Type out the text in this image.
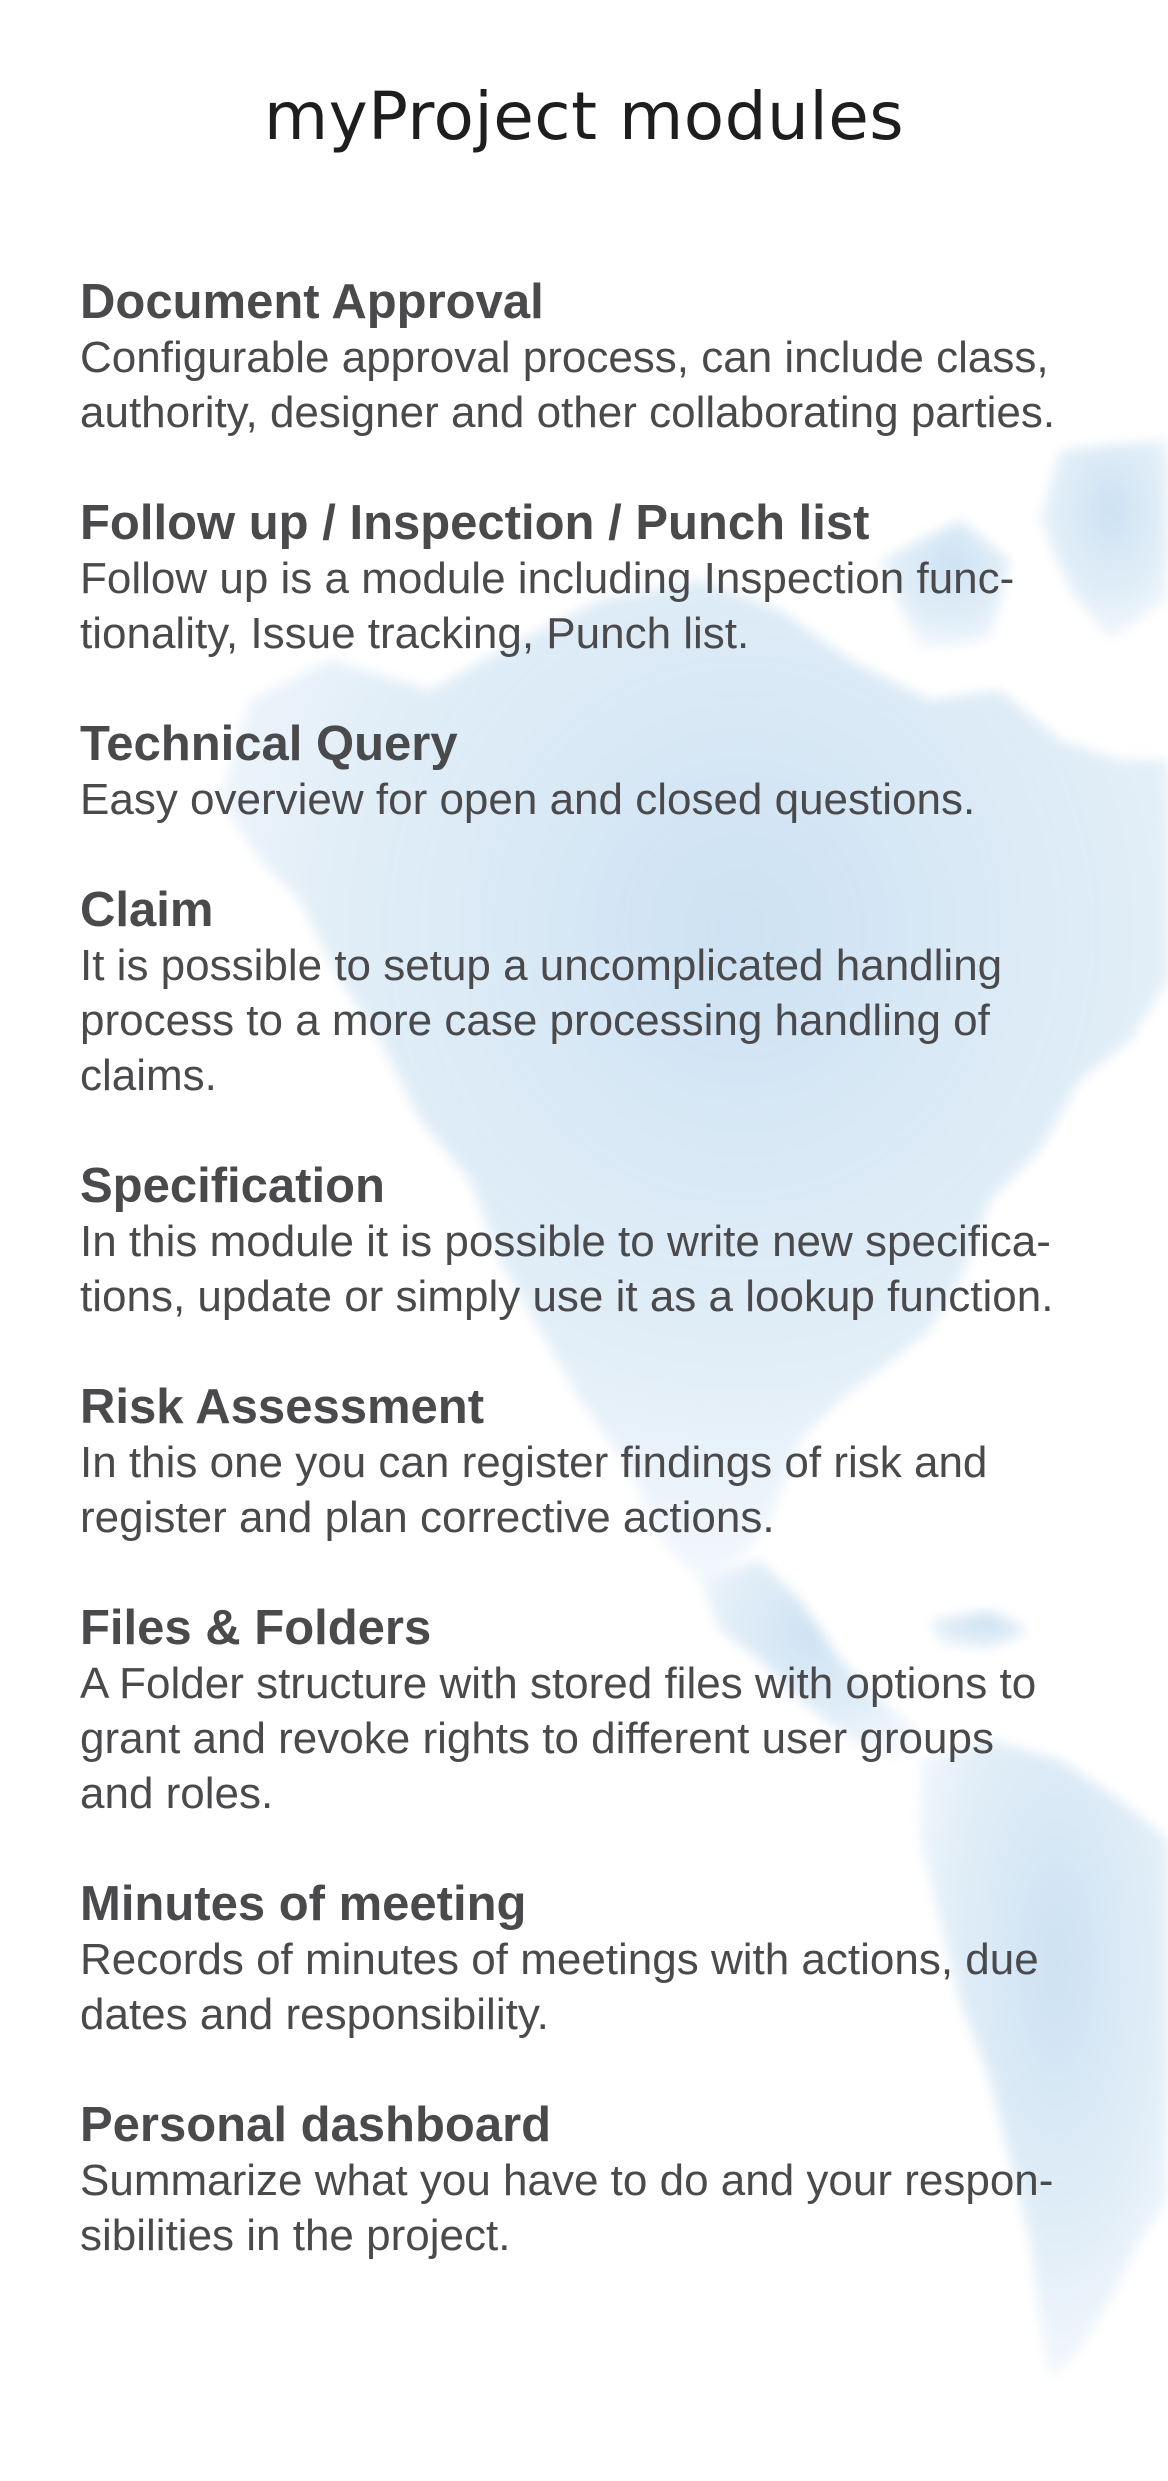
myProject modules

Document Approval

Configurable approval process, can include class,
authority, designer and other collaborating parties.

Follow up / Inspection / Punch list

Follow up is a module including Inspection func-
tionality, Issue tracking, Punch list.

Technical Query

Easy overview for open and closed questions.

Claim

It is possible to setup a uncomplicated handling
process to a more case processing handling of
claims.

Specification

In this module it is possible to write new specifica-
tions, update or simply use it as a lookup function.

Risk Assessment

In this one you can register findings of risk and
register and plan corrective actions.

Files & Folders

A Folder structure with stored files with options to
grant and revoke rights to different user groups
and roles.

Minutes of meeting

Records of minutes of meetings with actions, due
dates and responsibility.

Personal dashboard

Summarize what you have to do and your respon-
sibilities in the project.
